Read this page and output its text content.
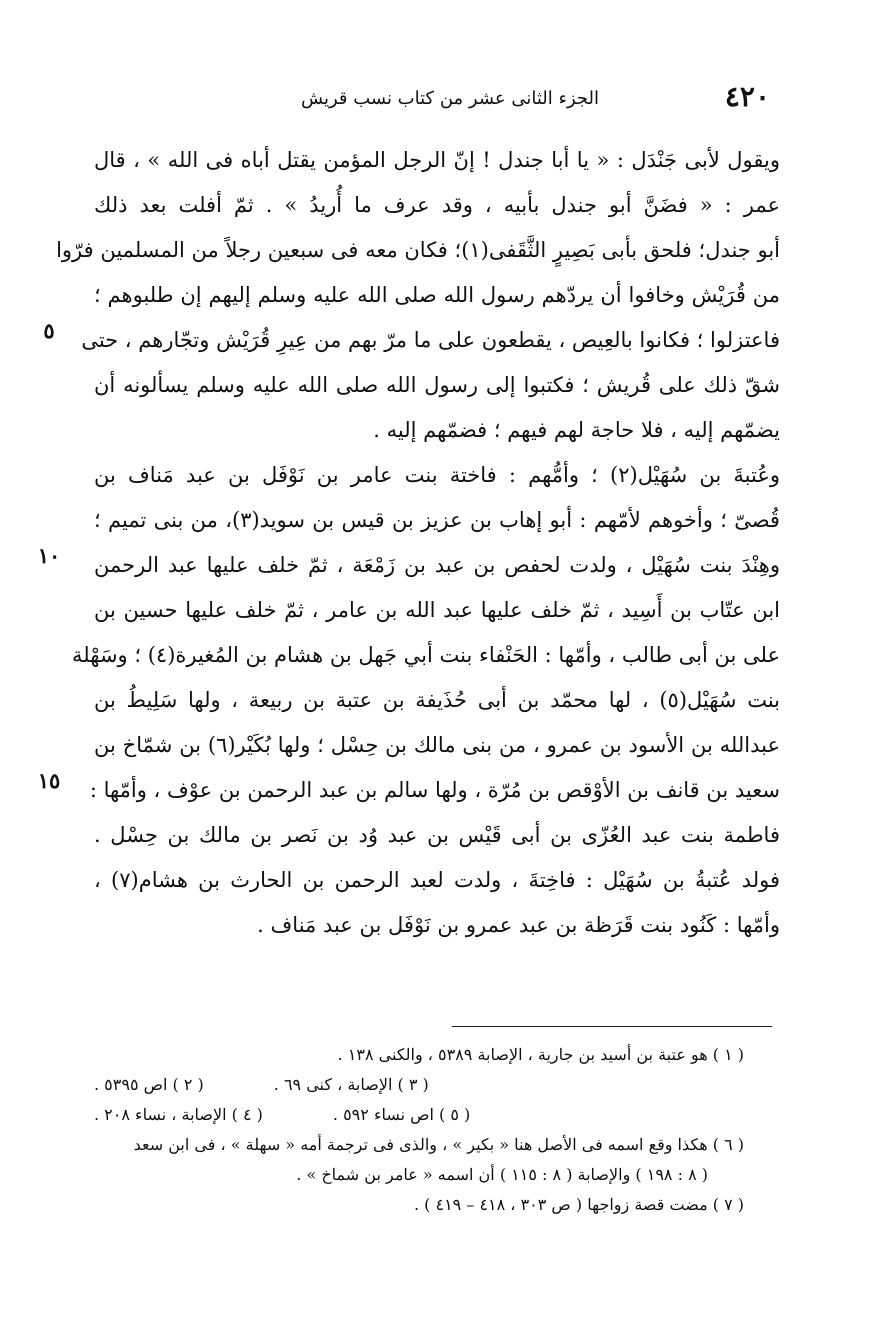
٤٢٠
الجزء الثانى عشر من كتاب نسب قريش
ويقول لأبى جَنْدَل : « يا أبا جندل ! إنّ الرجل المؤمن يقتل أباه فى الله » ، قال
عمر : « فضَنَّ أبو جندل بأبيه ، وقد عرف ما أُريدُ » . ثمّ أفلت بعد ذلك
أبو جندل؛ فلحق بأبى بَصِيرٍ الثَّقَفى(١)؛ فكان معه فى سبعين رجلاً من المسلمين فرّوا
من قُرَيْش وخافوا أن يردّهم رسول الله صلى الله عليه وسلم إليهم إن طلبوهم ؛
٥	فاعتزلوا ؛ فكانوا بالعِيص ، يقطعون على ما مرّ بهم من عِيرِ قُرَيْش وتجّارهم ، حتى
شقّ ذلك على قُريش ؛ فكتبوا إلى رسول الله صلى الله عليه وسلم يسألونه أن
يضمّهم إليه ، فلا حاجة لهم فيهم ؛ فضمّهم إليه .
وعُتبةَ بن سُهَيْل(٢) ؛ وأمُّهم : فاختة بنت عامر بن نَوْفَل بن عبد مَناف بن
قُصىّ ؛ وأخوهم لأمّهم : أبو إهاب بن عزيز بن قيس بن سويد(٣)، من بنى تميم ؛
١٠	وهِنْدَ بنت سُهَيْل ، ولدت لحفص بن عبد بن زَمْعَة ، ثمّ خلف عليها عبد الرحمن
ابن عتّاب بن أَسِيد ، ثمّ خلف عليها عبد الله بن عامر ، ثمّ خلف عليها حسين بن
على بن أبى طالب ، وأمّها : الحَنْفاء بنت أبي جَهل بن هشام بن المُغيرة(٤) ؛ وسَهْلة
بنت سُهَيْل(٥) ، لها محمّد بن أبى حُذَيفة بن عتبة بن ربيعة ، ولها سَلِيطُ بن
عبدالله بن الأسود بن عمرو ، من بنى مالك بن حِسْل ؛ ولها بُكَيْر(٦) بن شمّاخ بن
١٥	سعيد بن قانف بن الأوْقص بن مُرّة ، ولها سالم بن عبد الرحمن بن عوْف ، وأمّها :
فاطمة بنت عبد العُزّى بن أبى قَيْس بن عبد وُد بن نَصر بن مالك بن حِسْل .
فولد عُتبةُ بن سُهَيْل : فاخِتةَ ، ولدت لعبد الرحمن بن الحارث بن هشام(٧) ،
وأمّها : كَنُود بنت قَرَظة بن عبد عمرو بن نَوْفَل بن عبد مَناف .
( ١ ) هو عتبة بن أسيد بن جارية ، الإصابة ٥٣٨٩ ، والكنى ١٣٨ .
( ٢ ) اص ٥٣٩٥ .	( ٣ ) الإصابة ، كنى ٦٩ .
( ٤ ) الإصابة ، نساء ٢٠٨ .	( ٥ ) اص نساء ٥٩٢ .
( ٦ ) هكذا وقع اسمه فى الأصل هنا « بكير » ، والذى فى ترجمة أمه « سهلة » ، فى ابن سعد
( ٨ : ١٩٨ ) والإصابة ( ٨ : ١١٥ ) أن اسمه « عامر بن شماخ » .
( ٧ ) مضت قصة زواجها ( ص ٣٠٣ ، ٤١٨ – ٤١٩ ) .
